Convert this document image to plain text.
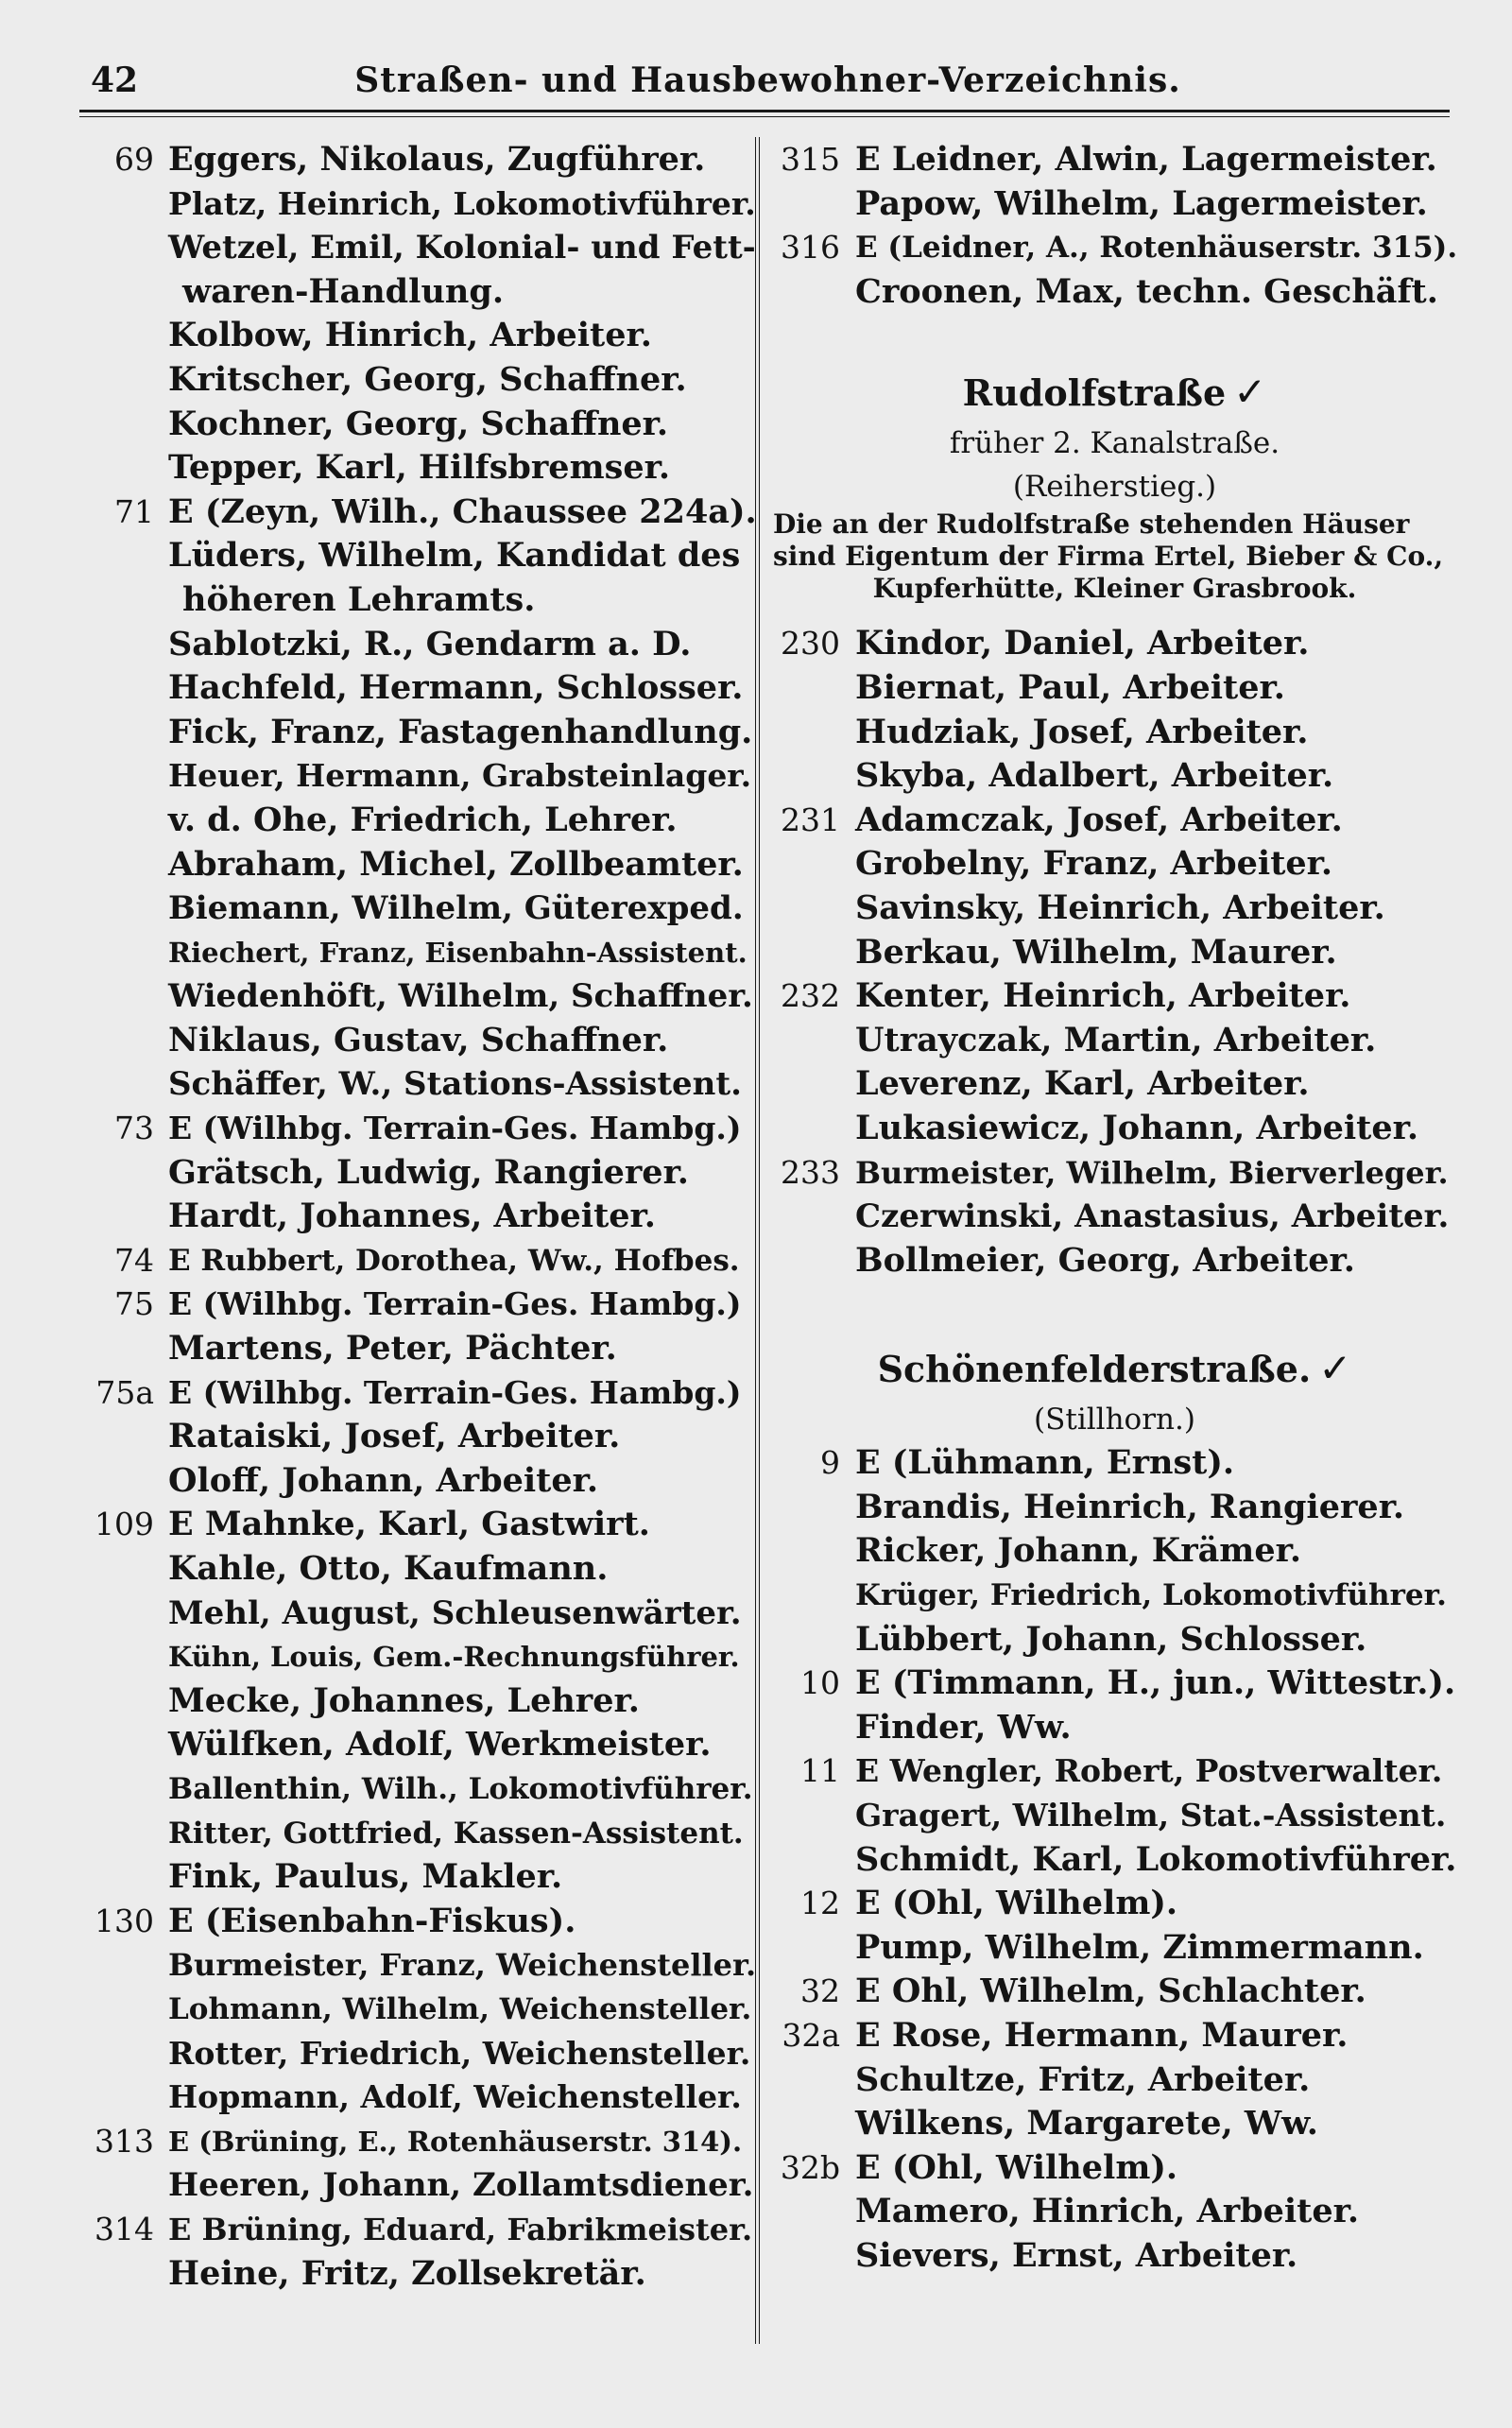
42	Straßen- und Hausbewohner-Verzeichnis.
69 Eggers, Nikolaus, Zugführer.
Platz, Heinrich, Lokomotivführer.
Wetzel, Emil, Kolonial- und Fett-
waren-Handlung.
Kolbow, Hinrich, Arbeiter.
Kritscher, Georg, Schaffner.
Kochner, Georg, Schaffner.
Tepper, Karl, Hilfsbremser.
71 E (Zeyn, Wilh., Chaussee 224a).
Lüders, Wilhelm, Kandidat des
höheren Lehramts.
Sablotzki, R., Gendarm a. D.
Hachfeld, Hermann, Schlosser.
Fick, Franz, Fastagenhandlung.
Heuer, Hermann, Grabsteinlager.
v. d. Ohe, Friedrich, Lehrer.
Abraham, Michel, Zollbeamter.
Biemann, Wilhelm, Güterexped.
Riechert, Franz, Eisenbahn-Assistent.
Wiedenhöft, Wilhelm, Schaffner.
Niklaus, Gustav, Schaffner.
Schäffer, W., Stations-Assistent.
73 E (Wilhbg. Terrain-Ges. Hambg.)
Grätsch, Ludwig, Rangierer.
Hardt, Johannes, Arbeiter.
74 E Rubbert, Dorothea, Ww., Hofbes.
75 E (Wilhbg. Terrain-Ges. Hambg.)
Martens, Peter, Pächter.
75a E (Wilhbg. Terrain-Ges. Hambg.)
Rataiski, Josef, Arbeiter.
Oloff, Johann, Arbeiter.
109 E Mahnke, Karl, Gastwirt.
Kahle, Otto, Kaufmann.
Mehl, August, Schleusenwärter.
Kühn, Louis, Gem.-Rechnungsführer.
Mecke, Johannes, Lehrer.
Wülfken, Adolf, Werkmeister.
Ballenthin, Wilh., Lokomotivführer.
Ritter, Gottfried, Kassen-Assistent.
Fink, Paulus, Makler.
130 E (Eisenbahn-Fiskus).
Burmeister, Franz, Weichensteller.
Lohmann, Wilhelm, Weichensteller.
Rotter, Friedrich, Weichensteller.
Hopmann, Adolf, Weichensteller.
313 E (Brüning, E., Rotenhäuserstr. 314).
Heeren, Johann, Zollamtsdiener.
314 E Brüning, Eduard, Fabrikmeister.
Heine, Fritz, Zollsekretär.
315 E Leidner, Alwin, Lagermeister.
Papow, Wilhelm, Lagermeister.
316 E (Leidner, A., Rotenhäuserstr. 315).
Croonen, Max, techn. Geschäft.
Rudolfstraße ✓
früher 2. Kanalstraße.
(Reiherstieg.)
Die an der Rudolfstraße stehenden Häuser
sind Eigentum der Firma Ertel, Bieber & Co.,
Kupferhütte, Kleiner Grasbrook.
230 Kindor, Daniel, Arbeiter.
Biernat, Paul, Arbeiter.
Hudziak, Josef, Arbeiter.
Skyba, Adalbert, Arbeiter.
231 Adamczak, Josef, Arbeiter.
Grobelny, Franz, Arbeiter.
Savinsky, Heinrich, Arbeiter.
Berkau, Wilhelm, Maurer.
232 Kenter, Heinrich, Arbeiter.
Utrayczak, Martin, Arbeiter.
Leverenz, Karl, Arbeiter.
Lukasiewicz, Johann, Arbeiter.
233 Burmeister, Wilhelm, Bierverleger.
Czerwinski, Anastasius, Arbeiter.
Bollmeier, Georg, Arbeiter.
Schönenfelderstraße. ✓
(Stillhorn.)
9 E (Lühmann, Ernst).
Brandis, Heinrich, Rangierer.
Ricker, Johann, Krämer.
Krüger, Friedrich, Lokomotivführer.
Lübbert, Johann, Schlosser.
10 E (Timmann, H., jun., Wittestr.).
Finder, Ww.
11 E Wengler, Robert, Postverwalter.
Gragert, Wilhelm, Stat.-Assistent.
Schmidt, Karl, Lokomotivführer.
12 E (Ohl, Wilhelm).
Pump, Wilhelm, Zimmermann.
32 E Ohl, Wilhelm, Schlachter.
32a E Rose, Hermann, Maurer.
Schultze, Fritz, Arbeiter.
Wilkens, Margarete, Ww.
32b E (Ohl, Wilhelm).
Mamero, Hinrich, Arbeiter.
Sievers, Ernst, Arbeiter.
